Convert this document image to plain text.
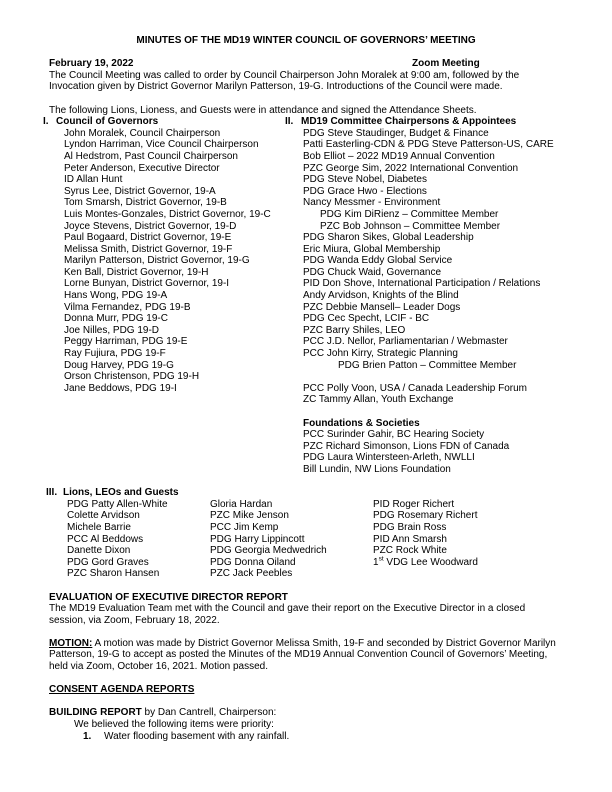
MINUTES OF THE MD19 WINTER COUNCIL OF GOVERNORS’ MEETING
February 19, 2022	Zoom Meeting
The Council Meeting was called to order by Council Chairperson John Moralek at 9:00 am, followed by the Invocation given by District Governor Marilyn Patterson, 19-G. Introductions of the Council were made.
The following Lions, Lioness, and Guests were in attendance and signed the Attendance Sheets.
I. Council of Governors
John Moralek, Council Chairperson
Lyndon Harriman, Vice Council Chairperson
Al Hedstrom, Past Council Chairperson
Peter Anderson, Executive Director
ID Allan Hunt
Syrus Lee, District Governor, 19-A
Tom Smarsh, District Governor, 19-B
Luis Montes-Gonzales, District Governor, 19-C
Joyce Stevens, District Governor, 19-D
Paul Bogaard, District Governor, 19-E
Melissa Smith, District Governor, 19-F
Marilyn Patterson, District Governor, 19-G
Ken Ball, District Governor, 19-H
Lorne Bunyan, District Governor, 19-I
Hans Wong, PDG 19-A
Vilma Fernandez, PDG 19-B
Donna Murr, PDG 19-C
Joe Nilles, PDG 19-D
Peggy Harriman, PDG 19-E
Ray Fujiura, PDG 19-F
Doug Harvey, PDG 19-G
Orson Christenson, PDG 19-H
Jane Beddows, PDG 19-I
II. MD19 Committee Chairpersons & Appointees
PDG Steve Staudinger, Budget & Finance
Patti Easterling-CDN & PDG Steve Patterson-US, CARE
Bob Elliot – 2022 MD19 Annual Convention
PZC George Sim, 2022 International Convention
PDG Steve Nobel, Diabetes
PDG Grace Hwo - Elections
Nancy Messmer - Environment
PDG Kim DiRienz – Committee Member
PZC Bob Johnson – Committee Member
PDG Sharon Sikes, Global Leadership
Eric Miura, Global Membership
PDG Wanda Eddy Global Service
PDG Chuck Waid, Governance
PID Don Shove, International Participation / Relations
Andy Arvidson, Knights of the Blind
PZC Debbie Mansell– Leader Dogs
PDG Cec Specht, LCIF - BC
PZC Barry Shiles, LEO
PCC J.D. Nellor, Parliamentarian / Webmaster
PCC John Kirry, Strategic Planning
PDG Brien Patton – Committee Member

PCC Polly Voon, USA / Canada Leadership Forum
ZC Tammy Allan, Youth Exchange
Foundations & Societies
PCC Surinder Gahir, BC Hearing Society
PZC Richard Simonson, Lions FDN of Canada
PDG Laura Wintersteen-Arleth, NWLLI
Bill Lundin, NW Lions Foundation
III. Lions, LEOs and Guests
PDG Patty Allen-White	Gloria Hardan	PID Roger Richert
Colette Arvidson	PZC Mike Jenson	PDG Rosemary Richert
Michele Barrie	PCC Jim Kemp	PDG Brain Ross
PCC Al Beddows	PDG Harry Lippincott	PID Ann Smarsh
Danette Dixon	PDG Georgia Medwedrich	PZC Rock White
PDG Gord Graves	PDG Donna Oiland	1st VDG Lee Woodward
PZC Sharon Hansen	PZC Jack Peebles

EVALUATION OF EXECUTIVE DIRECTOR REPORT
The MD19 Evaluation Team met with the Council and gave their report on the Executive Director in a closed session, via Zoom, February 18, 2022.
MOTION: A motion was made by District Governor Melissa Smith, 19-F and seconded by District Governor Marilyn Patterson, 19-G to accept as posted the Minutes of the MD19 Annual Convention Council of Governors’ Meeting, held via Zoom, October 16, 2021. Motion passed.
CONSENT AGENDA REPORTS
BUILDING REPORT by Dan Cantrell, Chairperson:
We believed the following items were priority:
1.	Water flooding basement with any rainfall.
